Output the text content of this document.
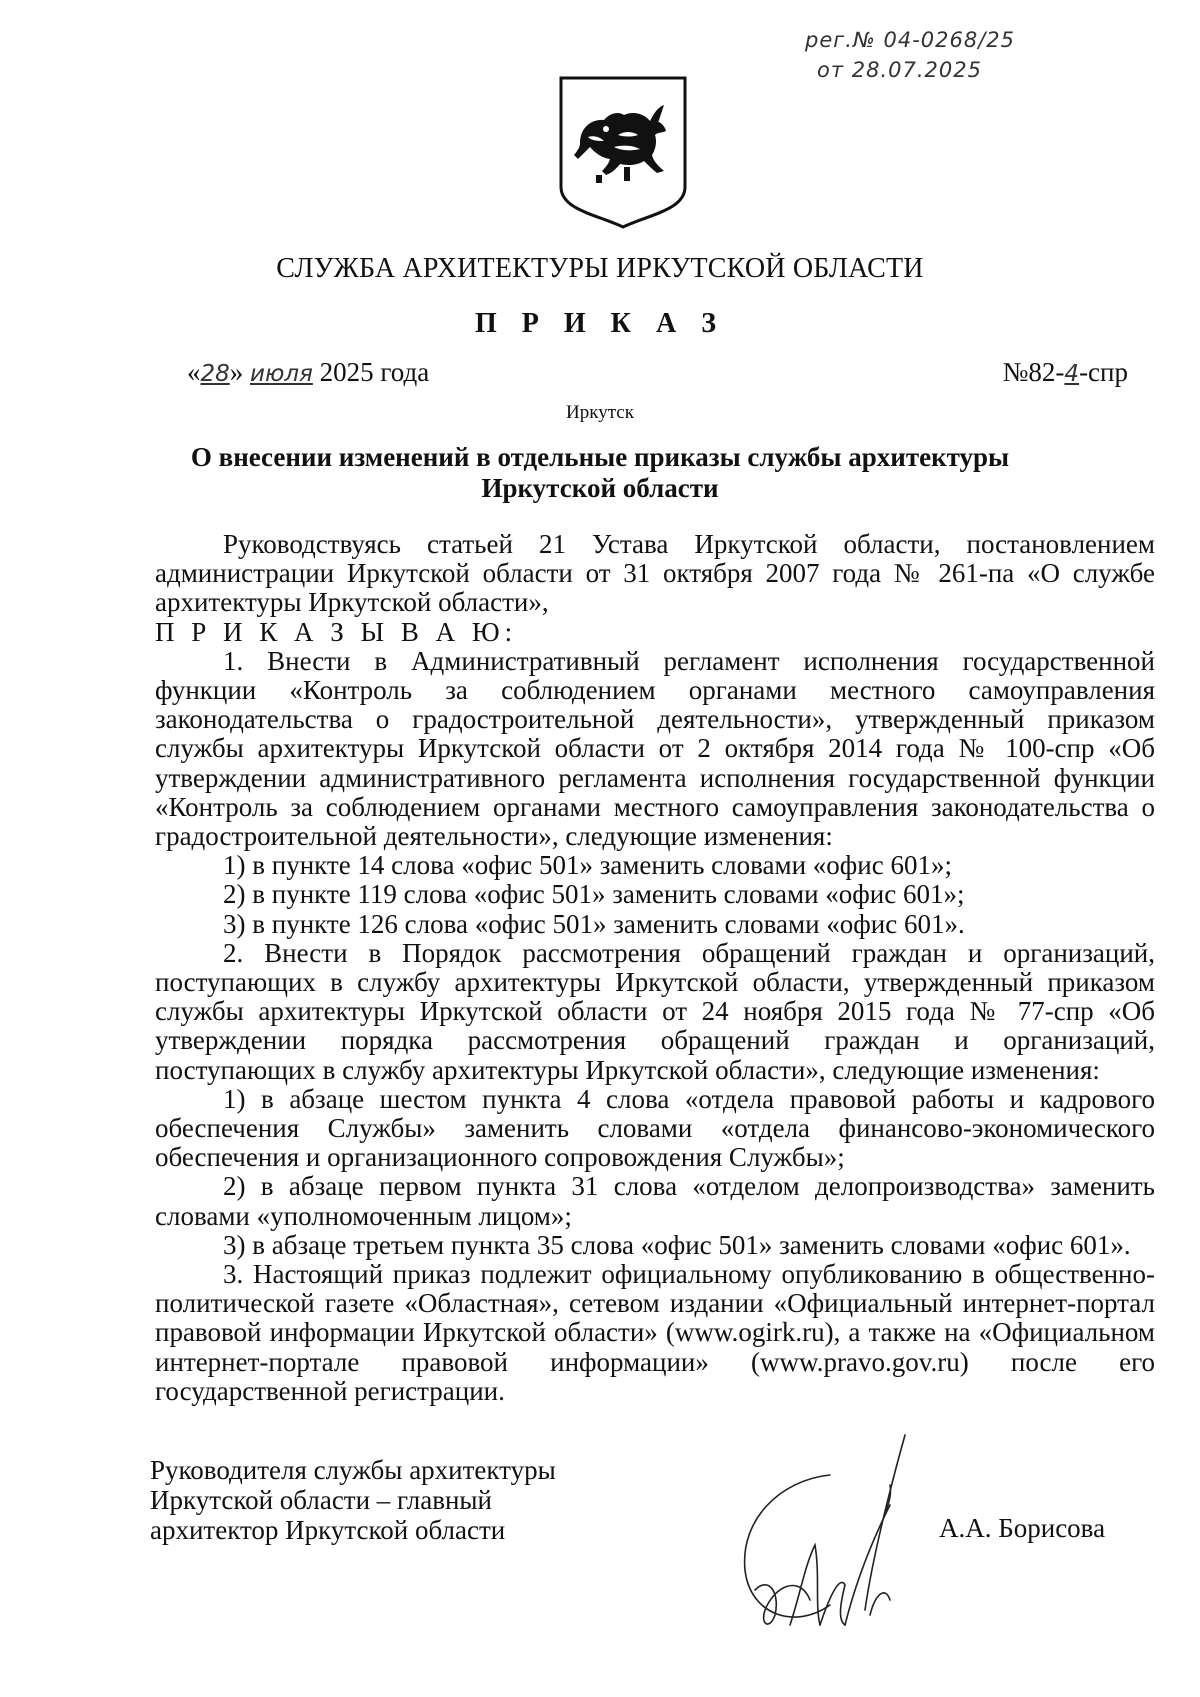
рег.№ 04-0268/25
от 28.07.2025
СЛУЖБА АРХИТЕКТУРЫ ИРКУТСКОЙ ОБЛАСТИ
П Р И К А З
«28» июля 2025 года	№82-4-спр
Иркутск
О внесении изменений в отдельные приказы службы архитектуры
Иркутской области

Руководствуясь статьей 21 Устава Иркутской области, постановлением администрации Иркутской области от 31 октября 2007 года № 261-па «О службе архитектуры Иркутской области»,

П Р И К А З Ы В А Ю:

1. Внести в Административный регламент исполнения государственной функции «Контроль за соблюдением органами местного самоуправления законодательства о градостроительной деятельности», утвержденный приказом службы архитектуры Иркутской области от 2 октября 2014 года № 100-спр «Об утверждении административного регламента исполнения государственной функции «Контроль за соблюдением органами местного самоуправления законодательства о градостроительной деятельности», следующие изменения:

1) в пункте 14 слова «офис 501» заменить словами «офис 601»;

2) в пункте 119 слова «офис 501» заменить словами «офис 601»;

3) в пункте 126 слова «офис 501» заменить словами «офис 601».

2. Внести в Порядок рассмотрения обращений граждан и организаций, поступающих в службу архитектуры Иркутской области, утвержденный приказом службы архитектуры Иркутской области от 24 ноября 2015 года № 77-спр «Об утверждении порядка рассмотрения обращений граждан и организаций, поступающих в службу архитектуры Иркутской области», следующие изменения:

1) в абзаце шестом пункта 4 слова «отдела правовой работы и кадрового обеспечения Службы» заменить словами «отдела финансово-экономического обеспечения и организационного сопровождения Службы»;

2) в абзаце первом пункта 31 слова «отделом делопроизводства» заменить словами «уполномоченным лицом»;

3) в абзаце третьем пункта 35 слова «офис 501» заменить словами «офис 601».

3. Настоящий приказ подлежит официальному опубликованию в общественно-политической газете «Областная», сетевом издании «Официальный интернет-портал правовой информации Иркутской области» (www.ogirk.ru), а также на «Официальном интернет-портале правовой информации» (www.pravo.gov.ru) после его государственной регистрации.

Руководителя службы архитектуры
Иркутской области – главный
архитектор Иркутской области	А.А. Борисова
